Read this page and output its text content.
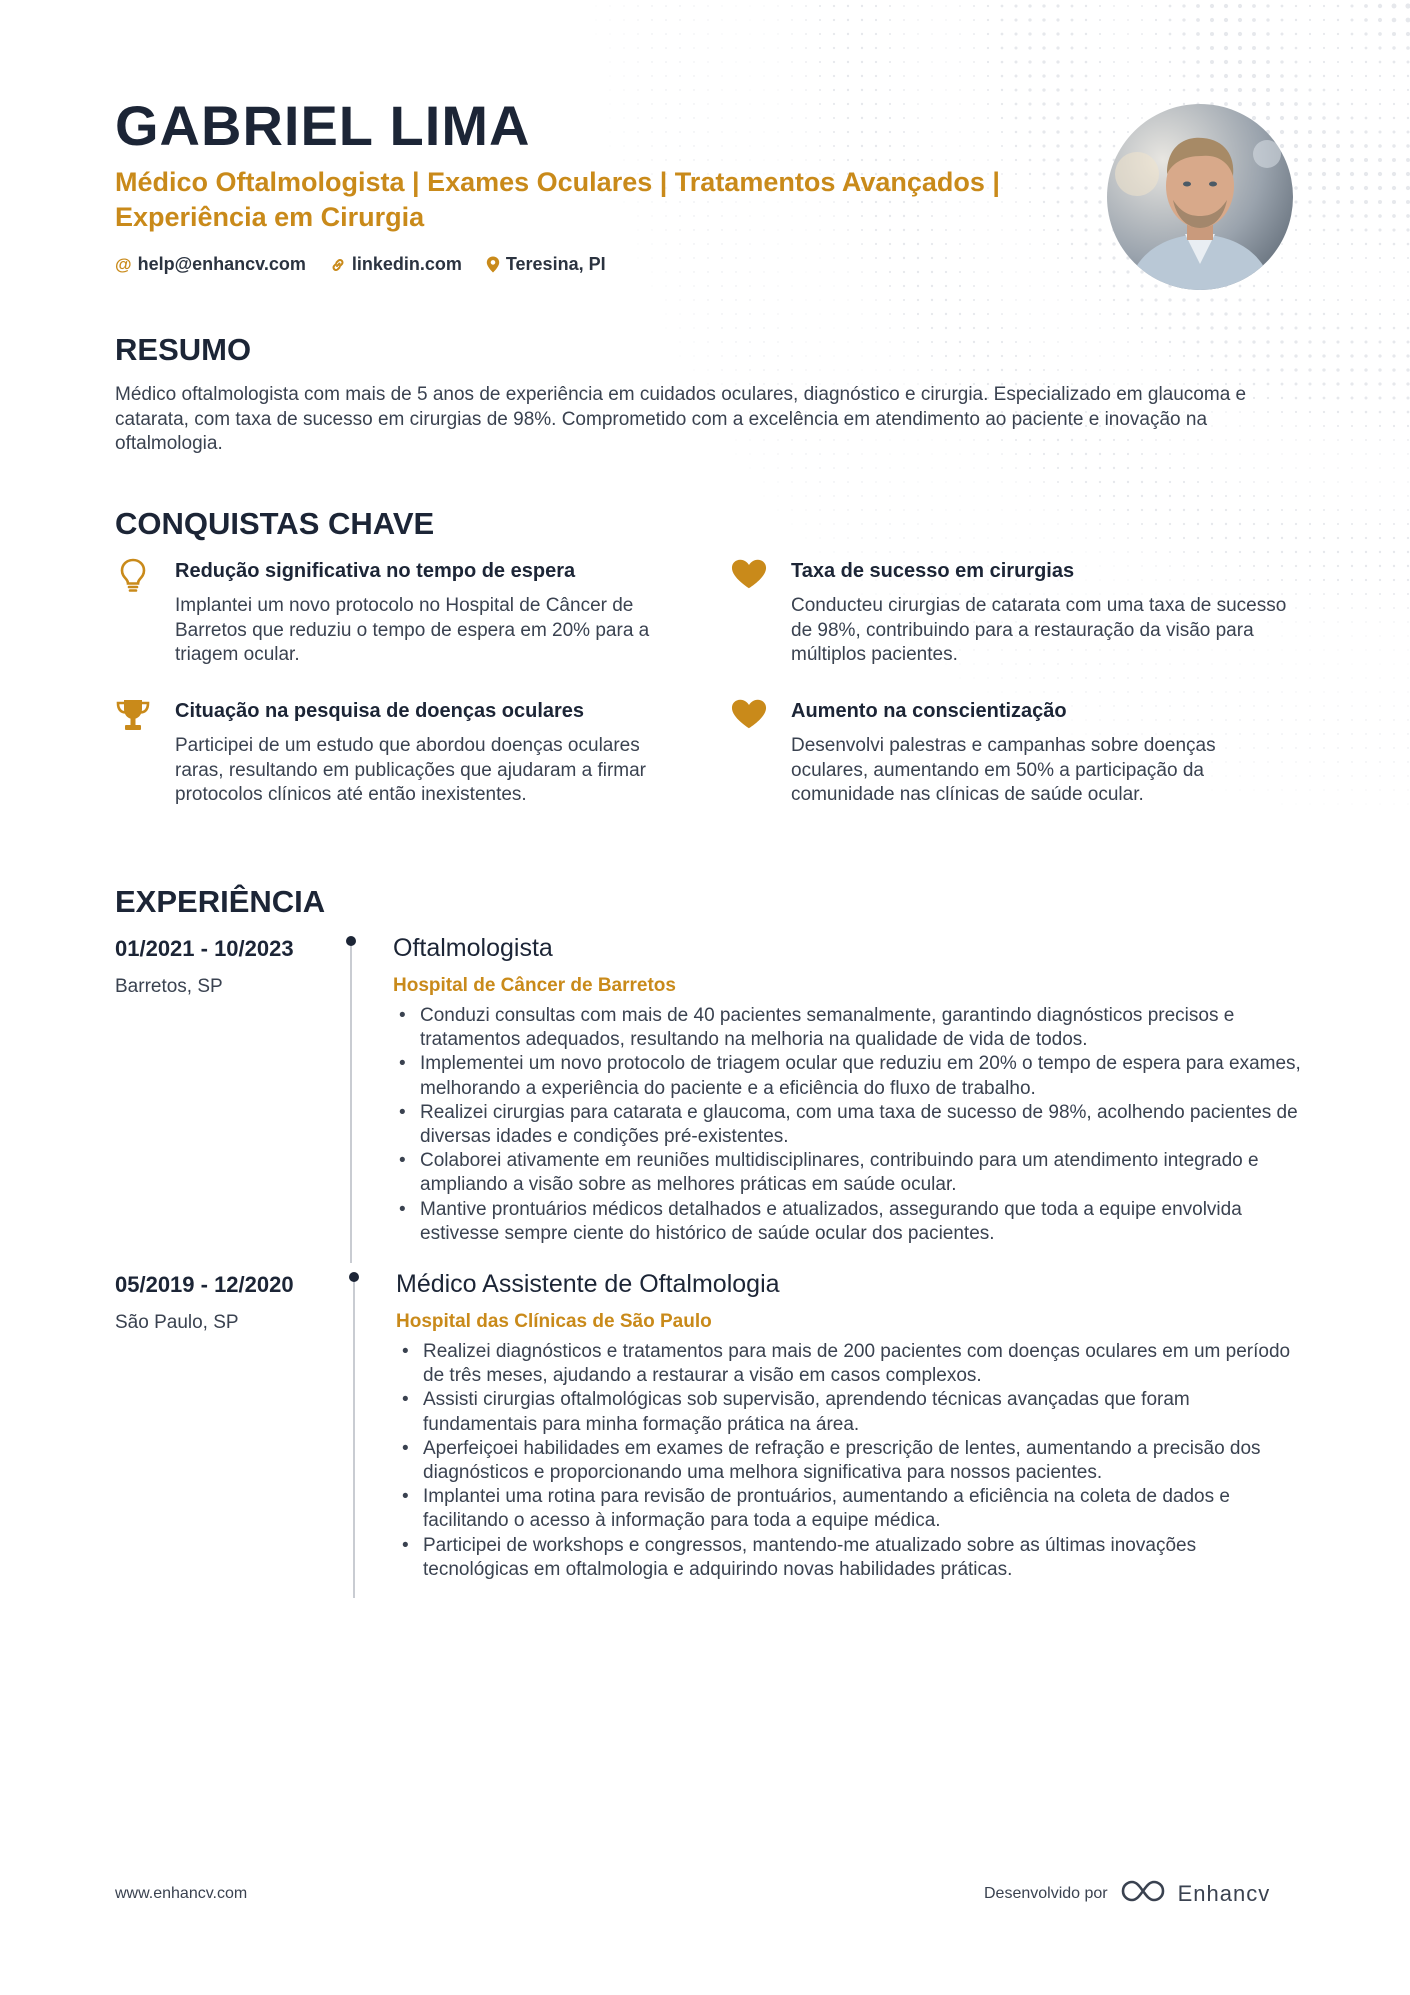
GABRIEL LIMA

Médico Oftalmologista | Exames Oculares | Tratamentos Avançados | Experiência em Cirurgia

@ help@enhancv.com	linkedin.com Teresina, PI
RESUMO

Médico oftalmologista com mais de 5 anos de experiência em cuidados oculares, diagnóstico e cirurgia. Especializado em glaucoma e catarata, com taxa de sucesso em cirurgias de 98%. Comprometido com a excelência em atendimento ao paciente e inovação na oftalmologia.

CONQUISTAS CHAVE

Redução significativa no tempo de espera

Implantei um novo protocolo no Hospital de Câncer de Barretos que reduziu o tempo de espera em 20% para a triagem ocular.

Taxa de sucesso em cirurgias

Conducteu cirurgias de catarata com uma taxa de sucesso de 98%, contribuindo para a restauração da visão para múltiplos pacientes.

Cituação na pesquisa de doenças oculares

Participei de um estudo que abordou doenças oculares raras, resultando em publicações que ajudaram a firmar protocolos clínicos até então inexistentes.

Aumento na conscientização

Desenvolvi palestras e campanhas sobre doenças oculares, aumentando em 50% a participação da comunidade nas clínicas de saúde ocular.

EXPERIÊNCIA

01/2021 - 10/2023

Barretos, SP

Oftalmologista

Hospital de Câncer de Barretos

• Conduzi consultas com mais de 40 pacientes semanalmente, garantindo diagnósticos precisos e tratamentos adequados, resultando na melhoria na qualidade de vida de todos.
• Implementei um novo protocolo de triagem ocular que reduziu em 20% o tempo de espera para exames, melhorando a experiência do paciente e a eficiência do fluxo de trabalho.
• Realizei cirurgias para catarata e glaucoma, com uma taxa de sucesso de 98%, acolhendo pacientes de diversas idades e condições pré-existentes.
• Colaborei ativamente em reuniões multidisciplinares, contribuindo para um atendimento integrado e ampliando a visão sobre as melhores práticas em saúde ocular.
• Mantive prontuários médicos detalhados e atualizados, assegurando que toda a equipe envolvida estivesse sempre ciente do histórico de saúde ocular dos pacientes.

05/2019 - 12/2020

São Paulo, SP

Médico Assistente de Oftalmologia

Hospital das Clínicas de São Paulo

• Realizei diagnósticos e tratamentos para mais de 200 pacientes com doenças oculares em um período de três meses, ajudando a restaurar a visão em casos complexos.
• Assisti cirurgias oftalmológicas sob supervisão, aprendendo técnicas avançadas que foram fundamentais para minha formação prática na área.
• Aperfeiçoei habilidades em exames de refração e prescrição de lentes, aumentando a precisão dos diagnósticos e proporcionando uma melhora significativa para nossos pacientes.
• Implantei uma rotina para revisão de prontuários, aumentando a eficiência na coleta de dados e facilitando o acesso à informação para toda a equipe médica.
• Participei de workshops e congressos, mantendo-me atualizado sobre as últimas inovações tecnológicas em oftalmologia e adquirindo novas habilidades práticas.

www.enhancv.com	Desenvolvido por	Enhancv
